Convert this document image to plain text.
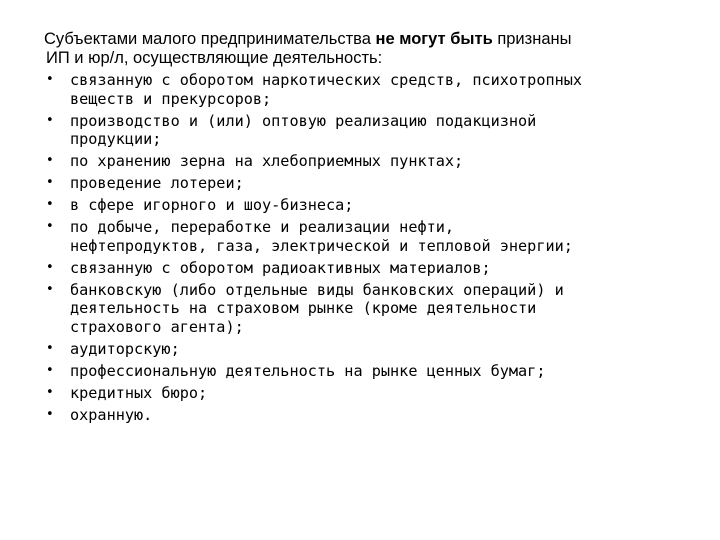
Субъектами малого предпринимательства не могут быть признаны
ИП и юр/л, осуществляющие деятельность:
• связанную с оборотом наркотических средств, психотропных
веществ и прекурсоров;
• производство и (или) оптовую реализацию подакцизной
продукции;
• по хранению зерна на хлебоприемных пунктах;
• проведение лотереи;
• в сфере игорного и шоу-бизнеса;
• по добыче, переработке и реализации нефти,
нефтепродуктов, газа, электрической и тепловой энергии;
• связанную с оборотом радиоактивных материалов;
• банковскую (либо отдельные виды банковских операций) и
деятельность на страховом рынке (кроме деятельности
страхового агента);
• аудиторскую;
• профессиональную деятельность на рынке ценных бумаг;
• кредитных бюро;
• охранную.
